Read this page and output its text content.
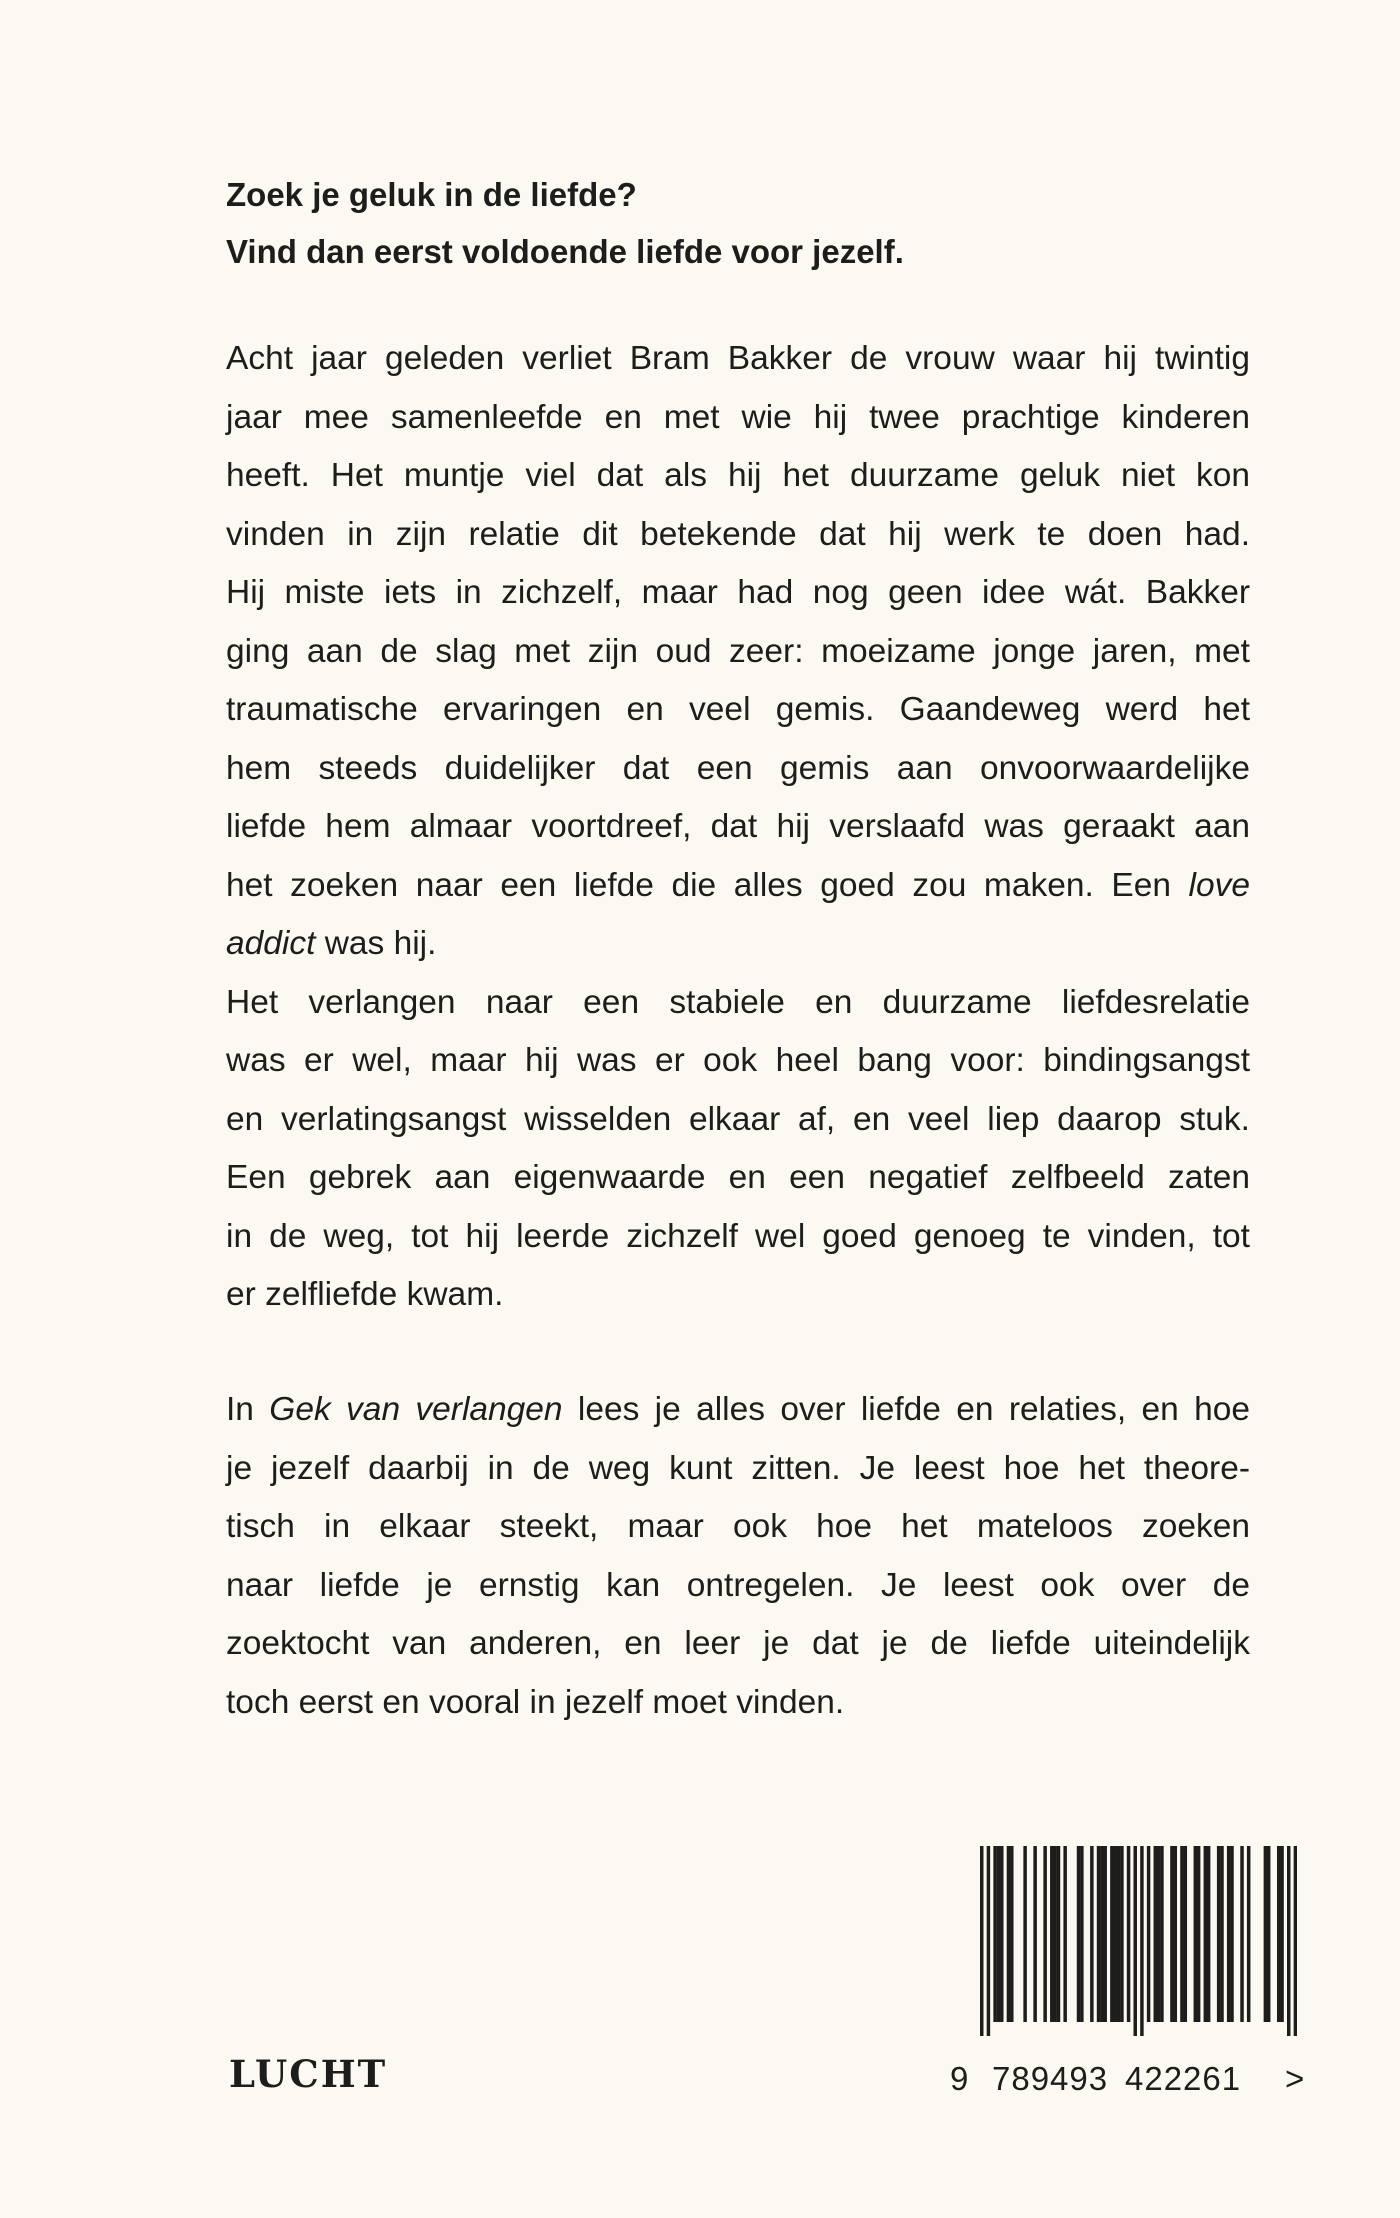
Zoek je geluk in de liefde?
Vind dan eerst voldoende liefde voor jezelf.
Acht jaar geleden verliet Bram Bakker de vrouw waar hij twintig
jaar mee samenleefde en met wie hij twee prachtige kinderen
heeft. Het muntje viel dat als hij het duurzame geluk niet kon
vinden in zijn relatie dit betekende dat hij werk te doen had.
Hij miste iets in zichzelf, maar had nog geen idee wát. Bakker
ging aan de slag met zijn oud zeer: moeizame jonge jaren, met
traumatische ervaringen en veel gemis. Gaandeweg werd het
hem steeds duidelijker dat een gemis aan onvoorwaardelijke
liefde hem almaar voortdreef, dat hij verslaafd was geraakt aan
het zoeken naar een liefde die alles goed zou maken. Een love
addict was hij.
Het verlangen naar een stabiele en duurzame liefdesrelatie
was er wel, maar hij was er ook heel bang voor: bindingsangst
en verlatingsangst wisselden elkaar af, en veel liep daarop stuk.
Een gebrek aan eigenwaarde en een negatief zelfbeeld zaten
in de weg, tot hij leerde zichzelf wel goed genoeg te vinden, tot
er zelfliefde kwam.
In Gek van verlangen lees je alles over liefde en relaties, en hoe
je jezelf daarbij in de weg kunt zitten. Je leest hoe het theore-
tisch in elkaar steekt, maar ook hoe het mateloos zoeken
naar liefde je ernstig kan ontregelen. Je leest ook over de
zoektocht van anderen, en leer je dat je de liefde uiteindelijk
toch eerst en vooral in jezelf moet vinden.
LUCHT	9 789493 422261 >
